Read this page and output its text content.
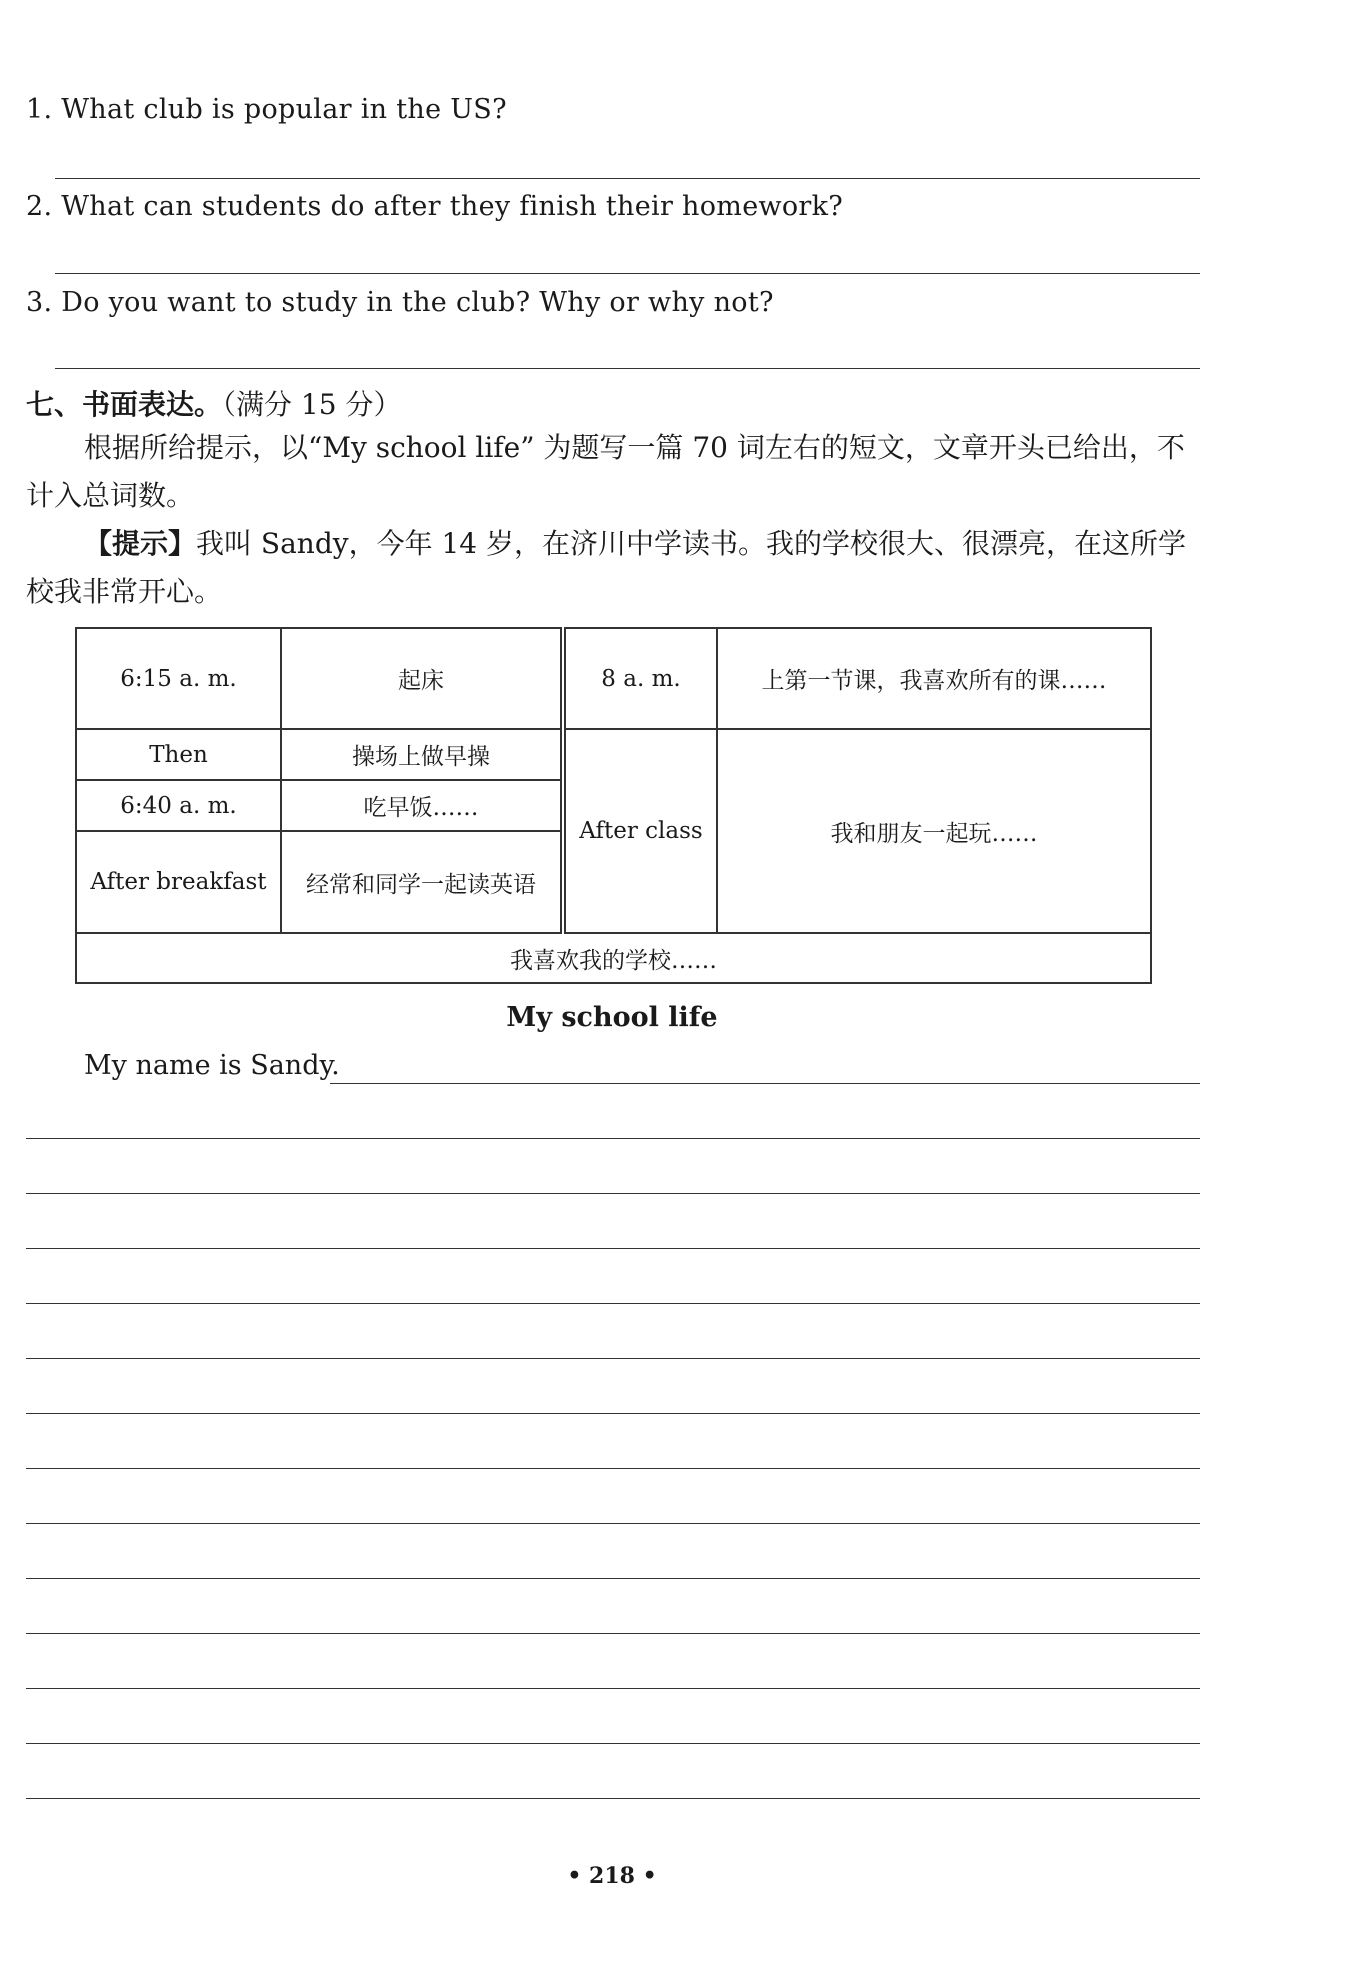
1. What club is popular in the US?
2. What can students do after they finish their homework?
3. Do you want to study in the club? Why or why not?
七、书面表达。（满分 15 分）
根据所给提示，以“My school life” 为题写一篇 70 词左右的短文，文章开头已给出，不计入总词数。
【提示】我叫 Sandy，今年 14 岁，在济川中学读书。我的学校很大、很漂亮，在这所学校我非常开心。
6:15 a. m.	起床	8 a. m.	上第一节课，我喜欢所有的课……
Then	操场上做早操	After class	我和朋友一起玩……
6:40 a. m.	吃早饭……		
After breakfast	经常和同学一起读英语		
我喜欢我的学校……			
My school life
My name is Sandy.
• 218 •
